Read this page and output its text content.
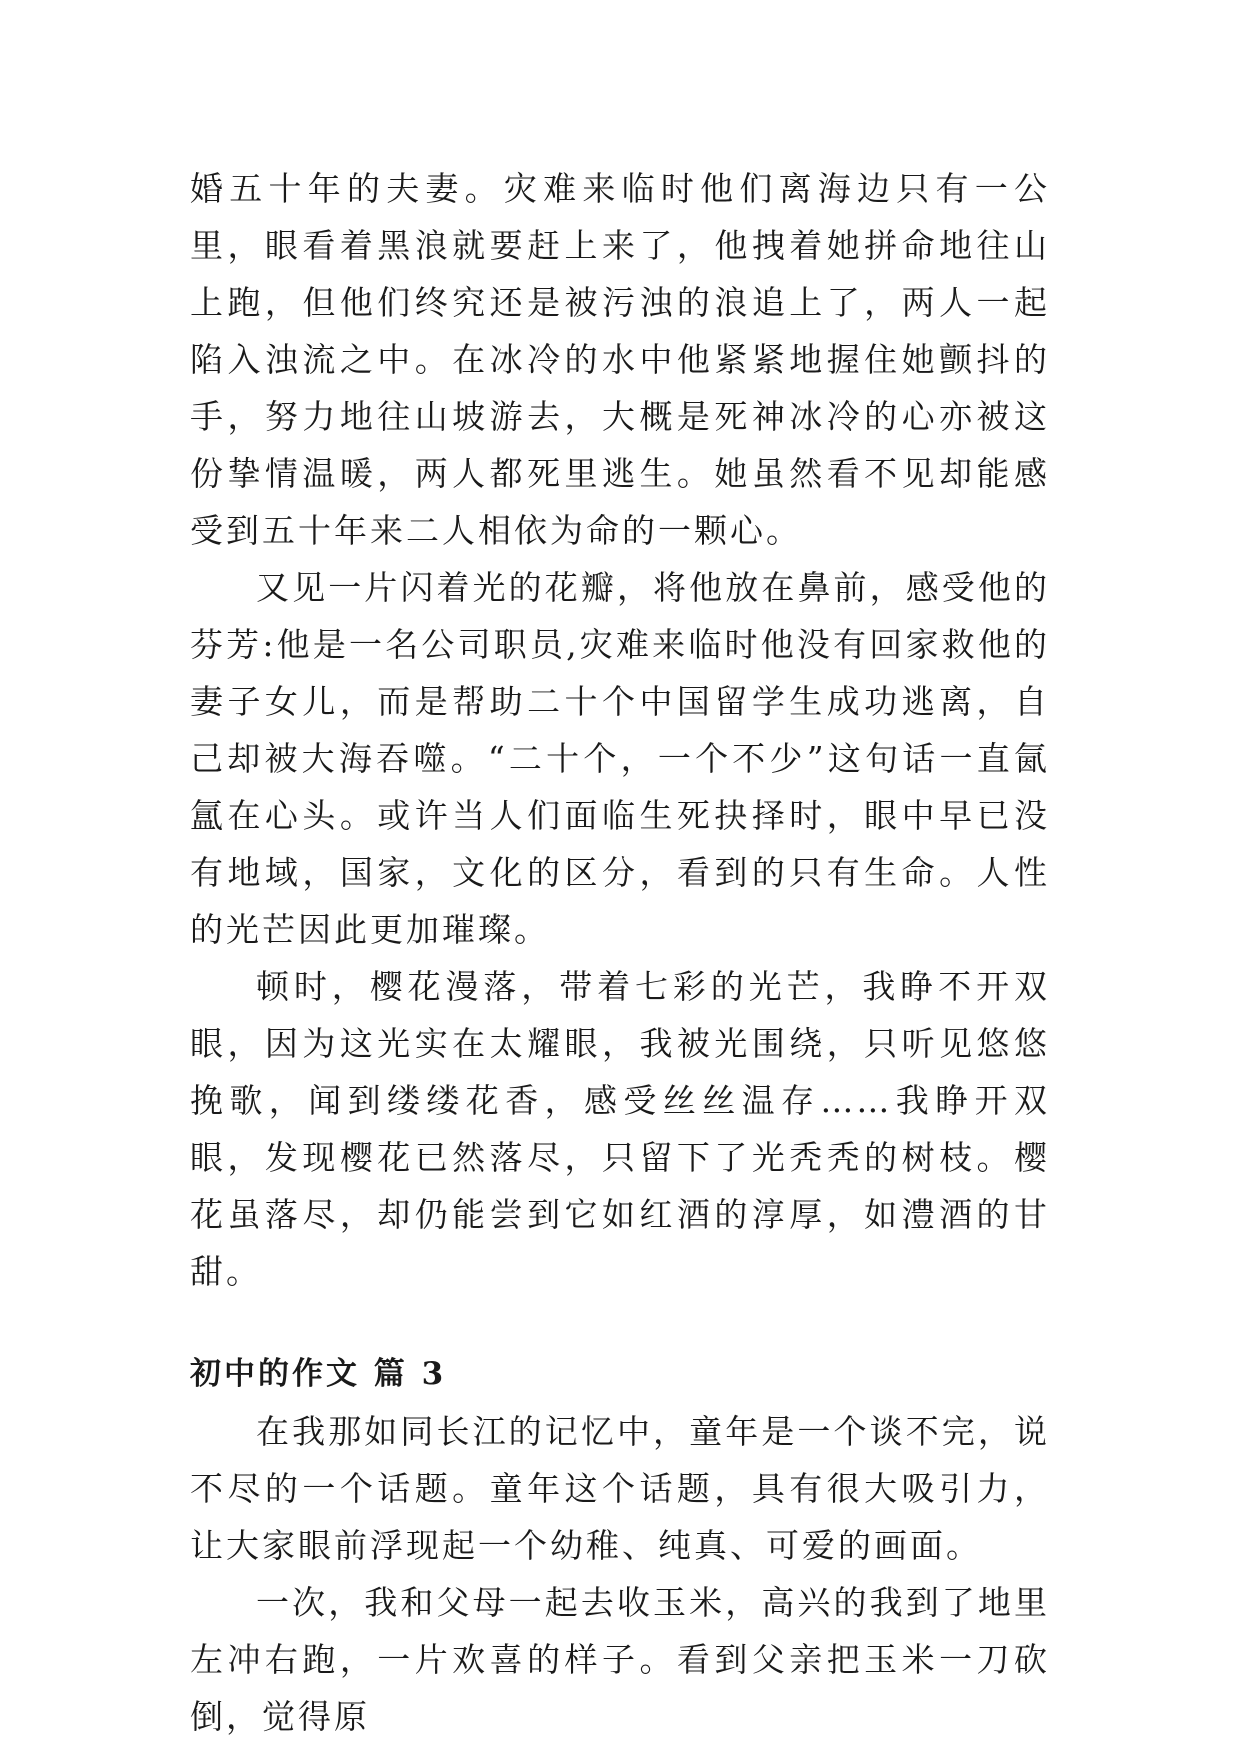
婚五十年的夫妻。灾难来临时他们离海边只有一公里，眼看着黑浪就要赶上来了，他拽着她拼命地往山上跑，但他们终究还是被污浊的浪追上了，两人一起陷入浊流之中。在冰冷的水中他紧紧地握住她颤抖的手，努力地往山坡游去，大概是死神冰冷的心亦被这份挚情温暖，两人都死里逃生。她虽然看不见却能感受到五十年来二人相依为命的一颗心。

又见一片闪着光的花瓣，将他放在鼻前，感受他的芬芳:他是一名公司职员,灾难来临时他没有回家救他的妻子女儿，而是帮助二十个中国留学生成功逃离，自己却被大海吞噬。“二十个，一个不少”这句话一直氤氲在心头。或许当人们面临生死抉择时，眼中早已没有地域，国家，文化的区分，看到的只有生命。人性的光芒因此更加璀璨。

顿时，樱花漫落，带着七彩的光芒，我睁不开双眼，因为这光实在太耀眼，我被光围绕，只听见悠悠挽歌，闻到缕缕花香，感受丝丝温存……我睁开双眼，发现樱花已然落尽，只留下了光秃秃的树枝。樱花虽落尽，却仍能尝到它如红酒的淳厚，如澧酒的甘甜。

初中的作文 篇 3

在我那如同长江的记忆中，童年是一个谈不完，说不尽的一个话题。童年这个话题，具有很大吸引力，让大家眼前浮现起一个幼稚、纯真、可爱的画面。

一次，我和父母一起去收玉米，高兴的我到了地里左冲右跑，一片欢喜的样子。看到父亲把玉米一刀砍倒，觉得原
